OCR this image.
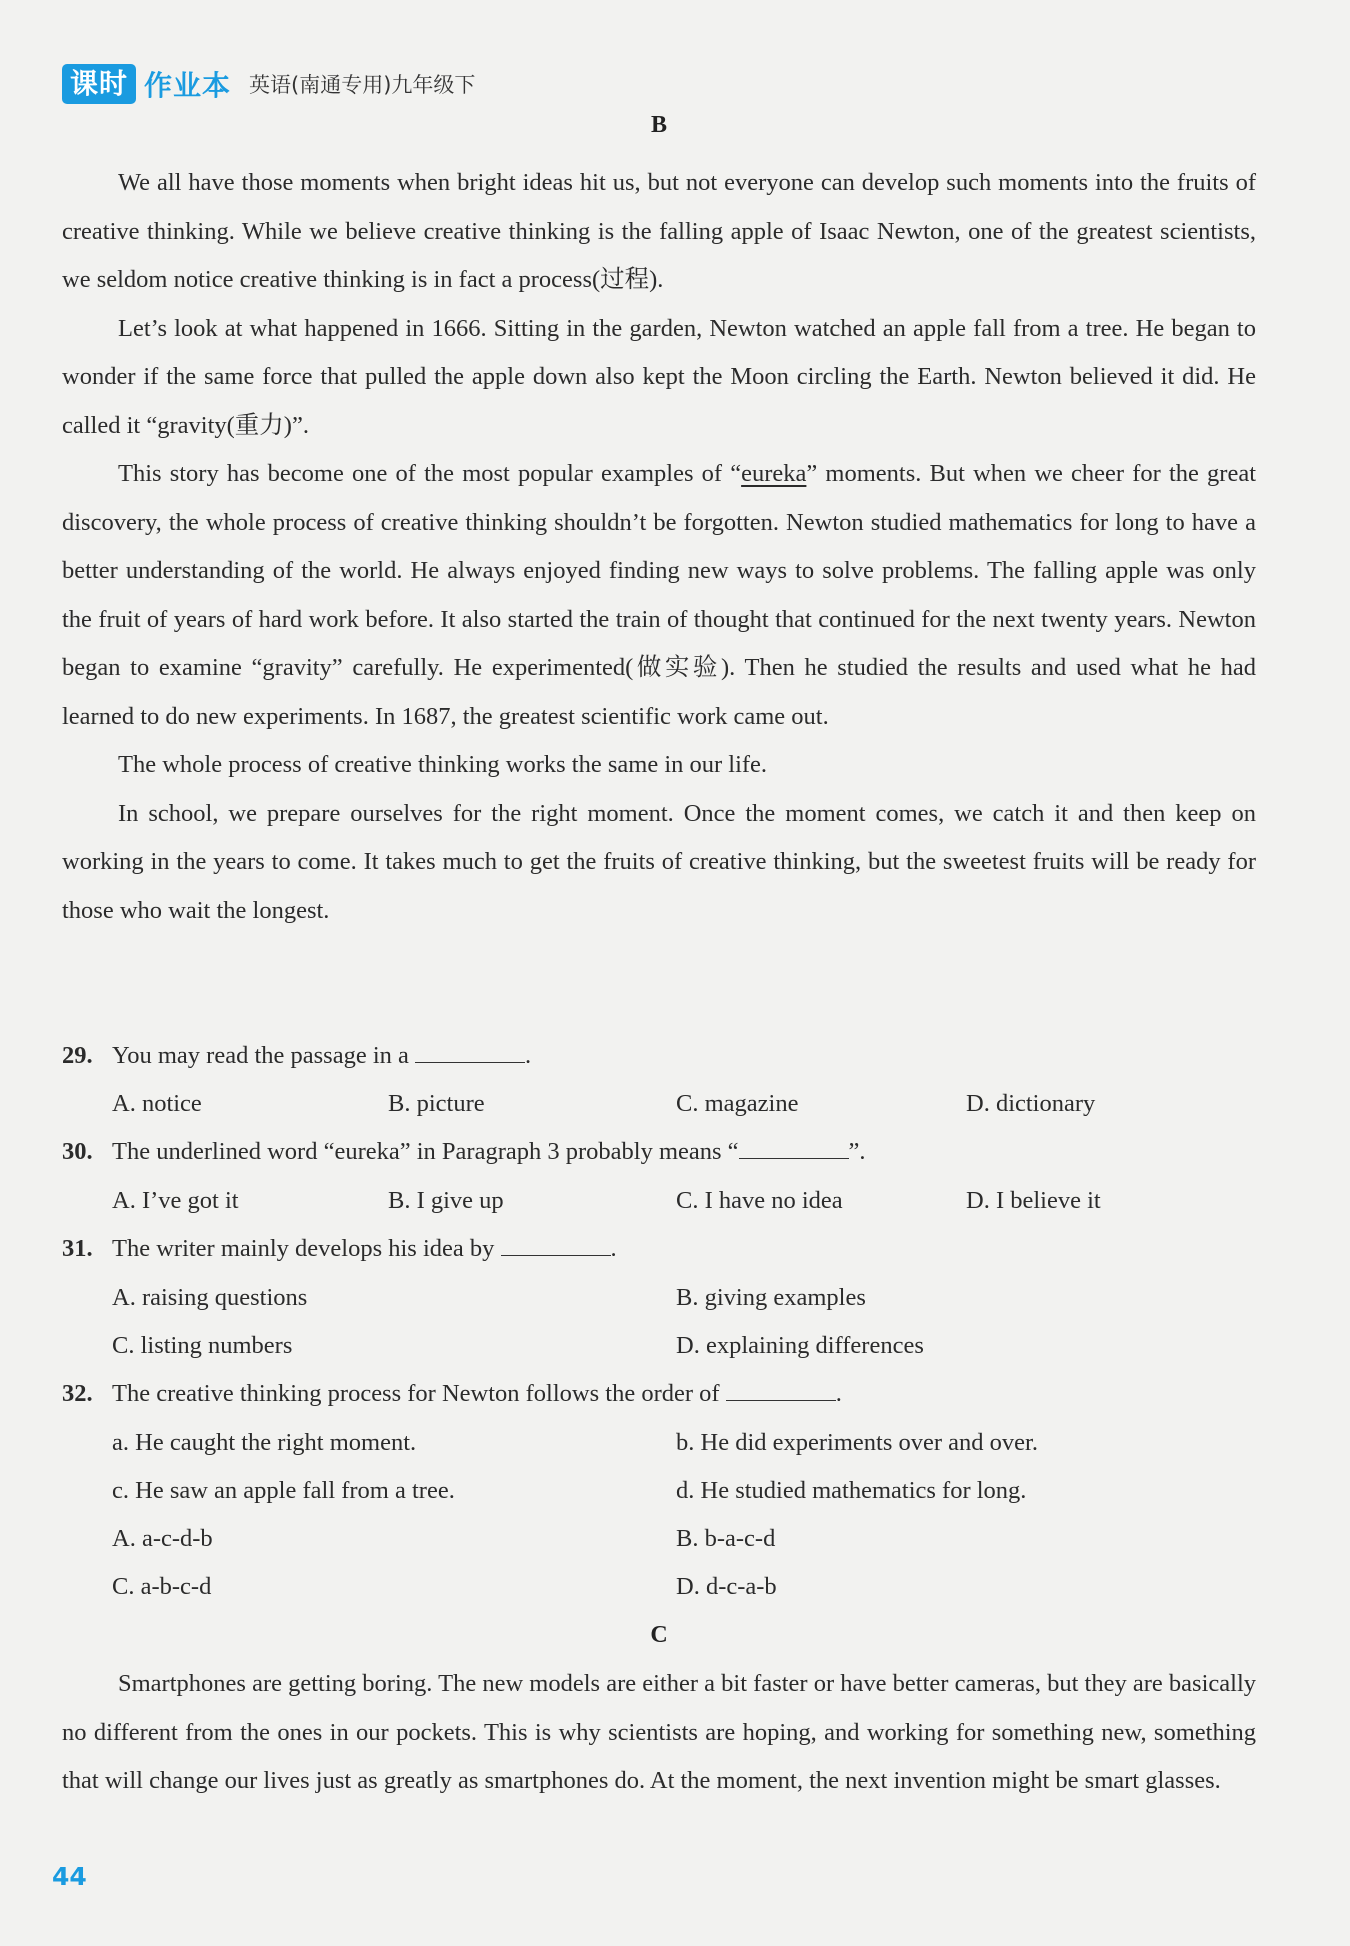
课时 作业本 英语(南通专用)九年级下
B

We all have those moments when bright ideas hit us, but not everyone can develop such moments into the fruits of creative thinking. While we believe creative thinking is the falling apple of Isaac Newton, one of the greatest scientists, we seldom notice creative thinking is in fact a process(过程).

Let’s look at what happened in 1666. Sitting in the garden, Newton watched an apple fall from a tree. He began to wonder if the same force that pulled the apple down also kept the Moon circling the Earth. Newton believed it did. He called it “gravity(重力)”.

This story has become one of the most popular examples of “eureka” moments. But when we cheer for the great discovery, the whole process of creative thinking shouldn’t be forgotten. Newton studied mathematics for long to have a better understanding of the world. He always enjoyed finding new ways to solve problems. The falling apple was only the fruit of years of hard work before. It also started the train of thought that continued for the next twenty years. Newton began to examine “gravity” carefully. He experimented(做实验). Then he studied the results and used what he had learned to do new experiments. In 1687, the greatest scientific work came out.

The whole process of creative thinking works the same in our life.

In school, we prepare ourselves for the right moment. Once the moment comes, we catch it and then keep on working in the years to come. It takes much to get the fruits of creative thinking, but the sweetest fruits will be ready for those who wait the longest.

29. You may read the passage in a	.
A. notice	B. picture	C. magazine	D. dictionary
30. The underlined word “eureka” in Paragraph 3 probably means “	”.
A. I’ve got it	B. I give up	C. I have no idea	D. I believe it
31. The writer mainly develops his idea by	.
A. raising questions	B. giving examples
C. listing numbers	D. explaining differences
32. The creative thinking process for Newton follows the order of	.
a. He caught the right moment.	b. He did experiments over and over.
c. He saw an apple fall from a tree.	d. He studied mathematics for long.
A. a-c-d-b	B. b-a-c-d
C. a-b-c-d	D. d-c-a-b
C

Smartphones are getting boring. The new models are either a bit faster or have better cameras, but they are basically no different from the ones in our pockets. This is why scientists are hoping, and working for something new, something that will change our lives just as greatly as smartphones do. At the moment, the next invention might be smart glasses.

44
